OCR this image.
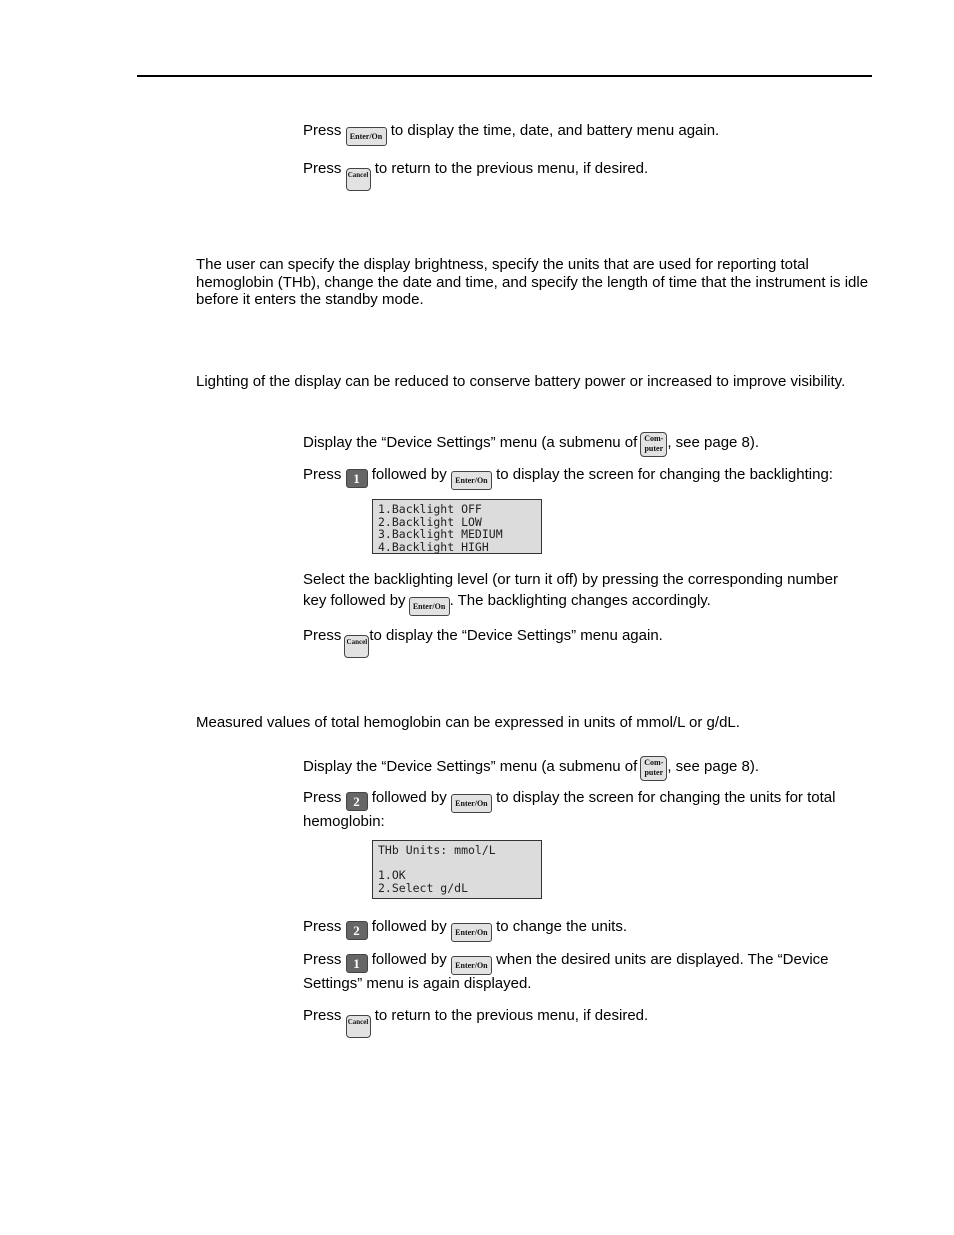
Press Enter/On to display the time, date, and battery menu again.
Press Cancel to return to the previous menu, if desired.
The user can specify the display brightness, specify the units that are used for reporting total hemoglobin (THb), change the date and time, and specify the length of time that the instrument is idle before it enters the standby mode.
Lighting of the display can be reduced to conserve battery power or increased to improve visibility.
Display the “Device Settings” menu (a submenu of Com-
puter , see page 8).
Press 1 followed by Enter/On to display the screen for changing the backlighting:
1.Backlight OFF
2.Backlight LOW
3.Backlight MEDIUM
4.Backlight HIGH
Select the backlighting level (or turn it off) by pressing the corresponding number
key followed by Enter/On . The backlighting changes accordingly.
Press Cancel to display the “Device Settings” menu again.
Measured values of total hemoglobin can be expressed in units of mmol/L or g/dL.
Display the “Device Settings” menu (a submenu of Com-
puter , see page 8).
Press 2 followed by Enter/On to display the screen for changing the units for total
hemoglobin:
THb Units: mmol/L
1.OK
2.Select g/dL
Press 2 followed by Enter/On to change the units.
Press 1 followed by Enter/On when the desired units are displayed. The “Device
Settings” menu is again displayed.
Press Cancel to return to the previous menu, if desired.
